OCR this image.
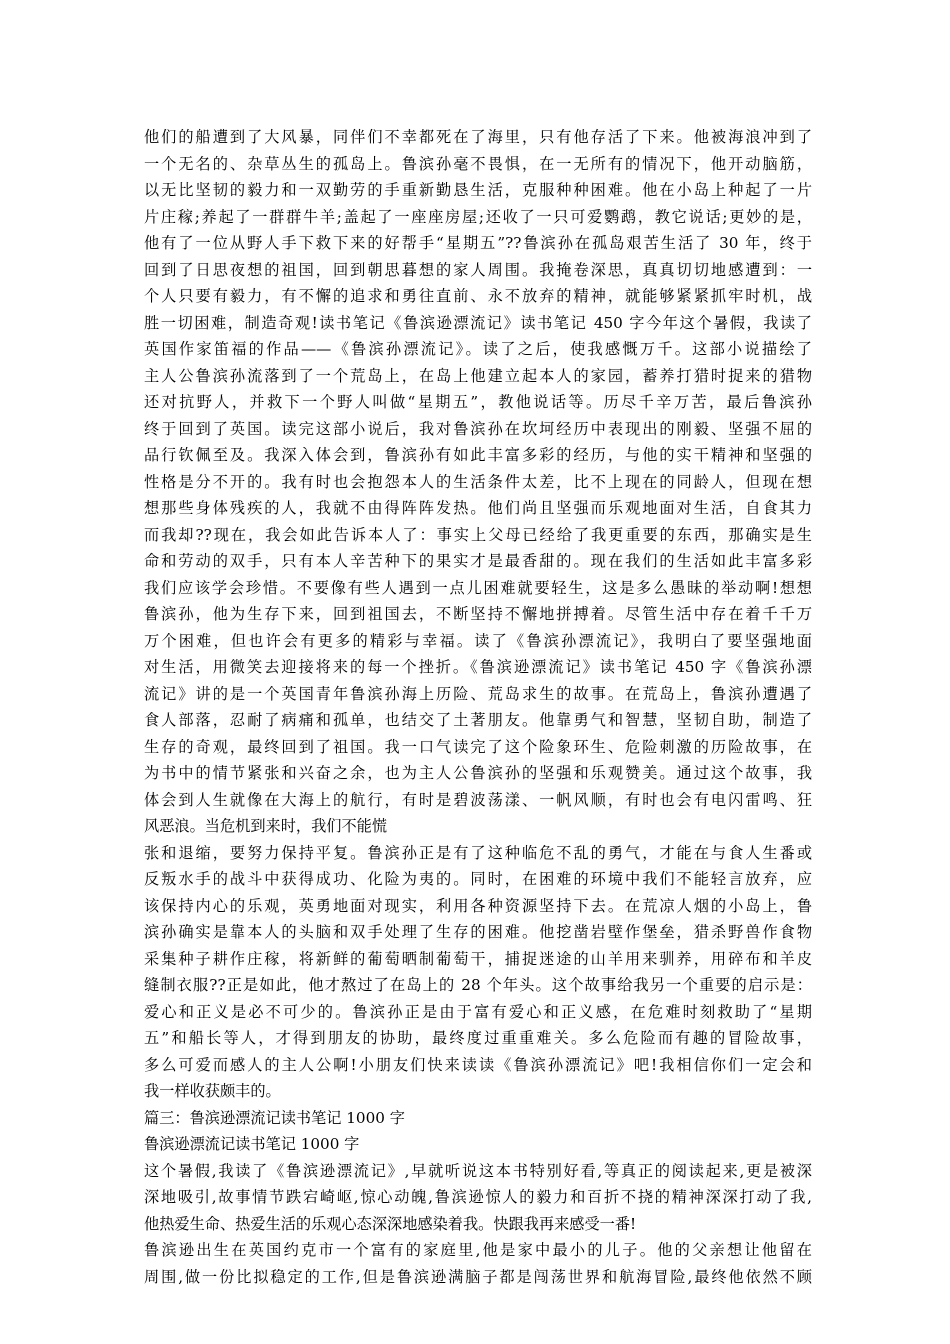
他们的船遭到了大风暴，同伴们不幸都死在了海里，只有他存活了下来。他被海浪冲到了
一个无名的、杂草丛生的孤岛上。鲁滨孙毫不畏惧，在一无所有的情况下，他开动脑筋，
以无比坚韧的毅力和一双勤劳的手重新勤恳生活，克服种种困难。他在小岛上种起了一片
片庄稼;养起了一群群牛羊;盖起了一座座房屋;还收了一只可爱鹦鹉，教它说话;更妙的是，
他有了一位从野人手下救下来的好帮手“星期五”??鲁滨孙在孤岛艰苦生活了 30 年，终于
回到了日思夜想的祖国，回到朝思暮想的家人周围。我掩卷深思，真真切切地感遭到：一
个人只要有毅力，有不懈的追求和勇往直前、永不放弃的精神，就能够紧紧抓牢时机，战
胜一切困难，制造奇观!读书笔记《鲁滨逊漂流记》读书笔记 450 字今年这个暑假，我读了
英国作家笛福的作品——《鲁滨孙漂流记》。读了之后，使我感慨万千。这部小说描绘了
主人公鲁滨孙流落到了一个荒岛上，在岛上他建立起本人的家园，蓄养打猎时捉来的猎物
还对抗野人，并救下一个野人叫做“星期五”，教他说话等。历尽千辛万苦，最后鲁滨孙
终于回到了英国。读完这部小说后，我对鲁滨孙在坎坷经历中表现出的刚毅、坚强不屈的
品行钦佩至及。我深入体会到，鲁滨孙有如此丰富多彩的经历，与他的实干精神和坚强的
性格是分不开的。我有时也会抱怨本人的生活条件太差，比不上现在的同龄人，但现在想
想那些身体残疾的人，我就不由得阵阵发热。他们尚且坚强而乐观地面对生活，自食其力
而我却??现在，我会如此告诉本人了：事实上父母已经给了我更重要的东西，那确实是生
命和劳动的双手，只有本人辛苦种下的果实才是最香甜的。现在我们的生活如此丰富多彩
我们应该学会珍惜。不要像有些人遇到一点儿困难就要轻生，这是多么愚昧的举动啊!想想
鲁滨孙，他为生存下来，回到祖国去，不断坚持不懈地拼搏着。尽管生活中存在着千千万
万个困难，但也许会有更多的精彩与幸福。读了《鲁滨孙漂流记》，我明白了要坚强地面
对生活，用微笑去迎接将来的每一个挫折。《鲁滨逊漂流记》读书笔记 450 字《鲁滨孙漂
流记》讲的是一个英国青年鲁滨孙海上历险、荒岛求生的故事。在荒岛上，鲁滨孙遭遇了
食人部落，忍耐了病痛和孤单，也结交了土著朋友。他靠勇气和智慧，坚韧自助，制造了
生存的奇观，最终回到了祖国。我一口气读完了这个险象环生、危险刺激的历险故事，在
为书中的情节紧张和兴奋之余，也为主人公鲁滨孙的坚强和乐观赞美。通过这个故事，我
体会到人生就像在大海上的航行，有时是碧波荡漾、一帆风顺，有时也会有电闪雷鸣、狂
风恶浪。当危机到来时，我们不能慌
张和退缩，要努力保持平复。鲁滨孙正是有了这种临危不乱的勇气，才能在与食人生番或
反叛水手的战斗中获得成功、化险为夷的。同时，在困难的环境中我们不能轻言放弃，应
该保持内心的乐观，英勇地面对现实，利用各种资源坚持下去。在荒凉人烟的小岛上，鲁
滨孙确实是靠本人的头脑和双手处理了生存的困难。他挖凿岩壁作堡垒，猎杀野兽作食物
采集种子耕作庄稼，将新鲜的葡萄晒制葡萄干，捕捉迷途的山羊用来驯养，用碎布和羊皮
缝制衣服??正是如此，他才熬过了在岛上的 28 个年头。这个故事给我另一个重要的启示是：
爱心和正义是必不可少的。鲁滨孙正是由于富有爱心和正义感，在危难时刻救助了“星期
五”和船长等人，才得到朋友的协助，最终度过重重难关。多么危险而有趣的冒险故事，
多么可爱而感人的主人公啊!小朋友们快来读读《鲁滨孙漂流记》吧!我相信你们一定会和
我一样收获颇丰的。
篇三：鲁滨逊漂流记读书笔记 1000 字
鲁滨逊漂流记读书笔记 1000 字
这个暑假,我读了《鲁滨逊漂流记》,早就听说这本书特别好看,等真正的阅读起来,更是被深
深地吸引,故事情节跌宕崎岖,惊心动魄,鲁滨逊惊人的毅力和百折不挠的精神深深打动了我,
他热爱生命、热爱生活的乐观心态深深地感染着我。快跟我再来感受一番!
鲁滨逊出生在英国约克市一个富有的家庭里,他是家中最小的儿子。他的父亲想让他留在
周围,做一份比拟稳定的工作,但是鲁滨逊满脑子都是闯荡世界和航海冒险,最终他依然不顾
